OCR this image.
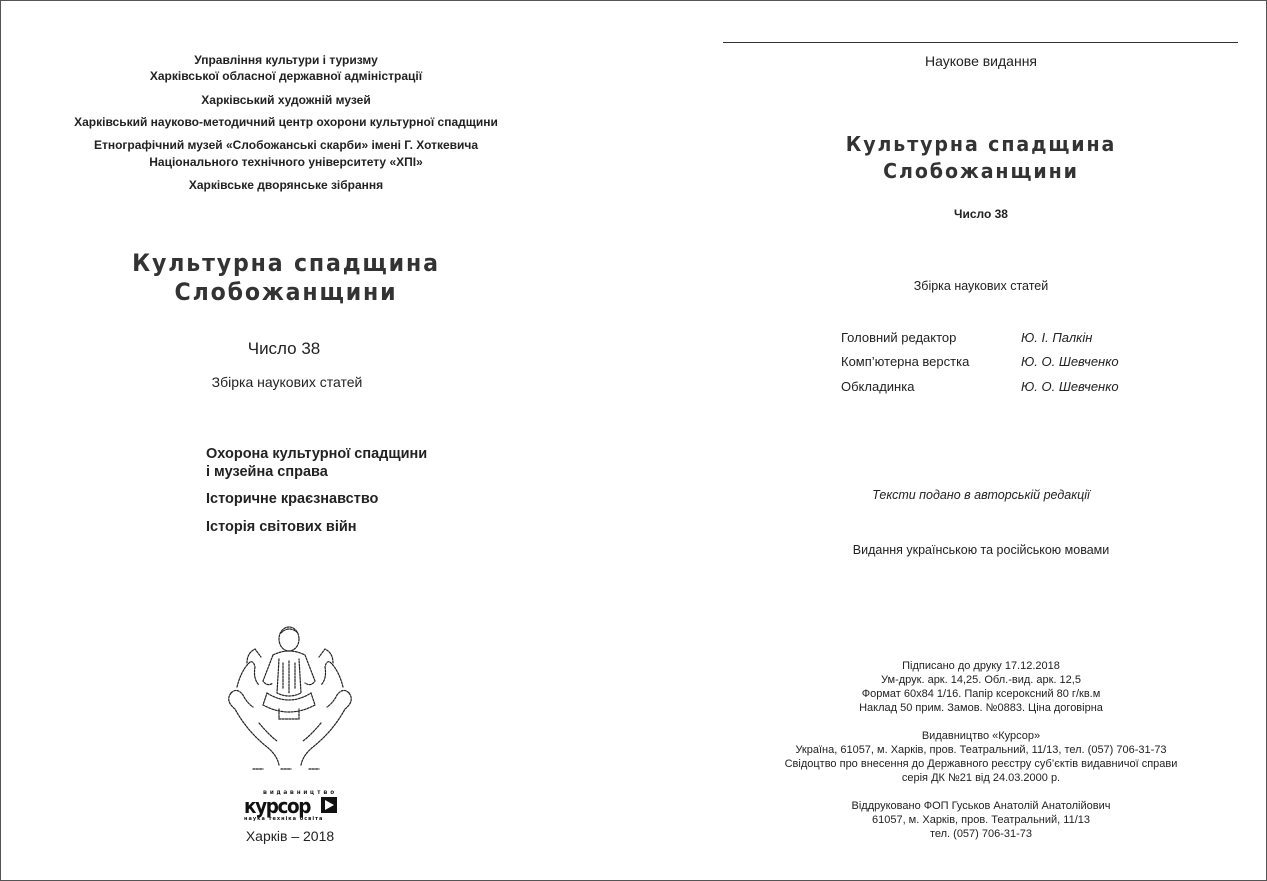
Управління культури і туризму
Харківської обласної державної адміністрації
Харківський художній музей
Харківський науково-методичний центр охорони культурної спадщини
Етнографічний музей «Слобожанські скарби» імені Г. Хоткевича
Національного технічного університету «ХПІ»
Харківське дворянське зібрання
Культурна спадщина
Слобожанщини
Число 38
Збірка наукових статей
Охорона культурної спадщини
і музейна справа
Історичне краєзнавство
Історія світових війн
видавництво
курсор
наука техніка освіта
Харків – 2018
Наукове видання
Культурна спадщина
Слобожанщини
Число 38
Збірка наукових статей
Головний редактор	Ю. І. Палкін
Комп’ютерна верстка	Ю. О. Шевченко
Обкладинка	Ю. О. Шевченко
Тексти подано в авторській редакції
Видання українською та російською мовами
Підписано до друку 17.12.2018
Ум-друк. арк. 14,25. Обл.-вид. арк. 12,5
Формат 60х84 1/16. Папір ксероксний 80 г/кв.м
Наклад 50 прим. Замов. №0883. Ціна договірна
Видавництво «Курсор»
Україна, 61057, м. Харків, пров. Театральний, 11/13, тел. (057) 706-31-73
Свідоцтво про внесення до Державного реєстру суб’єктів видавничої справи
серія ДК №21 від 24.03.2000 р.
Віддруковано ФОП Гуськов Анатолій Анатолійович
61057, м. Харків, пров. Театральний, 11/13
тел. (057) 706-31-73
